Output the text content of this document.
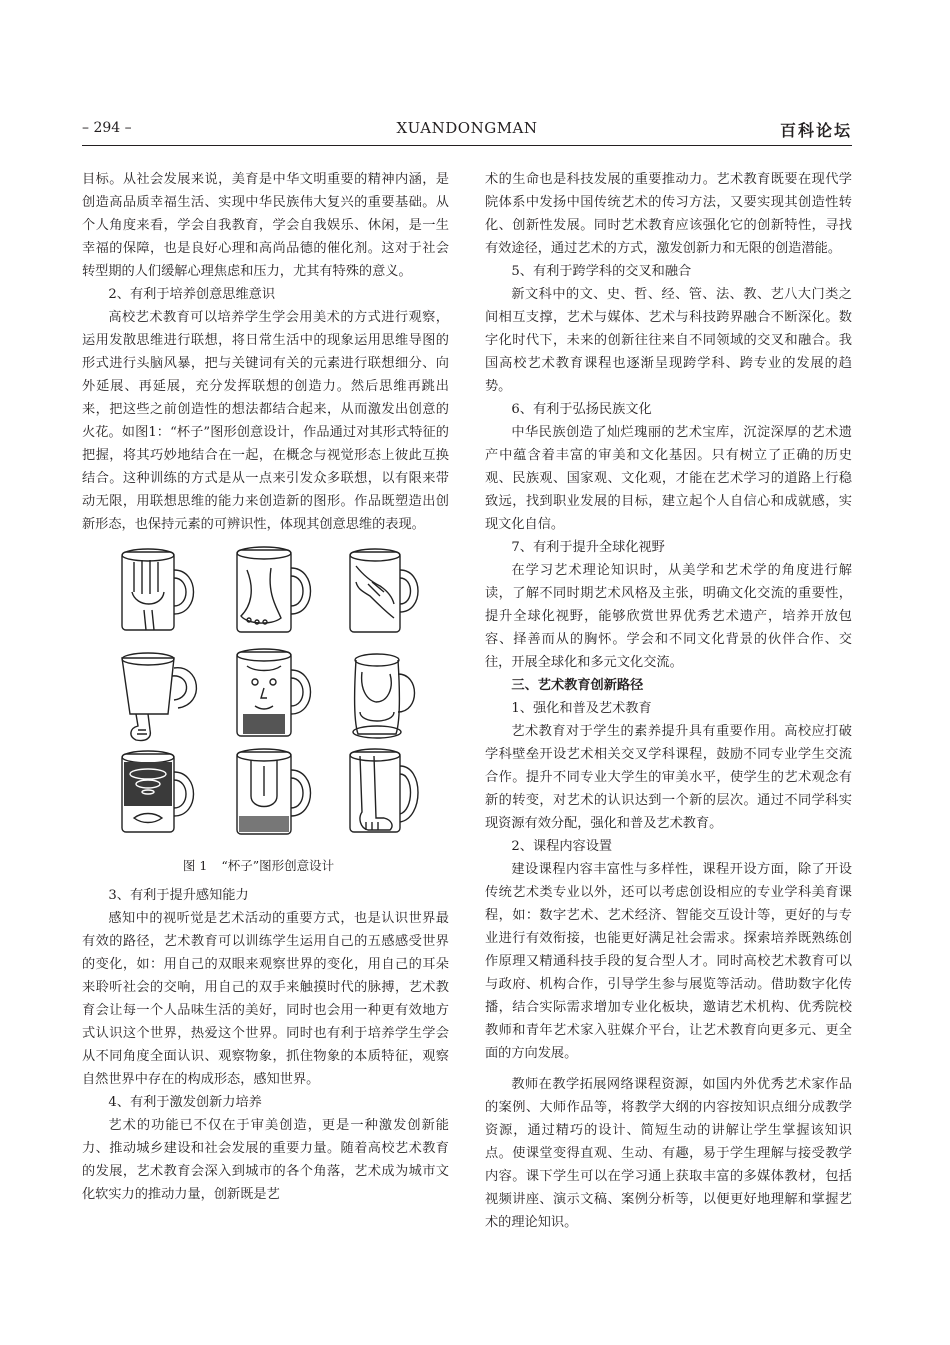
– 294 –	XUANDONGMAN	百科论坛

目标。从社会发展来说，美育是中华文明重要的精神内涵，是创造高品质幸福生活、实现中华民族伟大复兴的重要基础。从个人角度来看，学会自我教育，学会自我娱乐、休闲，是一生幸福的保障，也是良好心理和高尚品德的催化剂。这对于社会转型期的人们缓解心理焦虑和压力，尤其有特殊的意义。

2、有利于培养创意思维意识

高校艺术教育可以培养学生学会用美术的方式进行观察，运用发散思维进行联想，将日常生活中的现象运用思维导图的形式进行头脑风暴，把与关键词有关的元素进行联想细分、向外延展、再延展，充分发挥联想的创造力。然后思维再跳出来，把这些之前创造性的想法都结合起来，从而激发出创意的火花。如图1：“杯子”图形创意设计，作品通过对其形式特征的把握，将其巧妙地结合在一起，在概念与视觉形态上彼此互换结合。这种训练的方式是从一点来引发众多联想，以有限来带动无限，用联想思维的能力来创造新的图形。作品既塑造出创新形态，也保持元素的可辨识性，体现其创意思维的表现。

图 1 “杯子”图形创意设计

3、有利于提升感知能力

感知中的视听觉是艺术活动的重要方式，也是认识世界最有效的路径，艺术教育可以训练学生运用自己的五感感受世界的变化，如：用自己的双眼来观察世界的变化，用自己的耳朵来聆听社会的交响，用自己的双手来触摸时代的脉搏，艺术教育会让每一个人品味生活的美好，同时也会用一种更有效地方式认识这个世界，热爱这个世界。同时也有利于培养学生学会从不同角度全面认识、观察物象，抓住物象的本质特征，观察自然世界中存在的构成形态，感知世界。

4、有利于激发创新力培养

艺术的功能已不仅在于审美创造，更是一种激发创新能力、推动城乡建设和社会发展的重要力量。随着高校艺术教育的发展，艺术教育会深入到城市的各个角落，艺术成为城市文化软实力的推动力量，创新既是艺

术的生命也是科技发展的重要推动力。艺术教育既要在现代学院体系中发扬中国传统艺术的传习方法，又要实现其创造性转化、创新性发展。同时艺术教育应该强化它的创新特性，寻找有效途径，通过艺术的方式，激发创新力和无限的创造潜能。

5、有利于跨学科的交叉和融合

新文科中的文、史、哲、经、管、法、教、艺八大门类之间相互支撑，艺术与媒体、艺术与科技跨界融合不断深化。数字化时代下，未来的创新往往来自不同领域的交叉和融合。我国高校艺术教育课程也逐渐呈现跨学科、跨专业的发展的趋势。

6、有利于弘扬民族文化

中华民族创造了灿烂瑰丽的艺术宝库，沉淀深厚的艺术遗产中蕴含着丰富的审美和文化基因。只有树立了正确的历史观、民族观、国家观、文化观，才能在艺术学习的道路上行稳致远，找到职业发展的目标，建立起个人自信心和成就感，实现文化自信。

7、有利于提升全球化视野

在学习艺术理论知识时，从美学和艺术学的角度进行解读，了解不同时期艺术风格及主张，明确文化交流的重要性，提升全球化视野，能够欣赏世界优秀艺术遗产，培养开放包容、择善而从的胸怀。学会和不同文化背景的伙伴合作、交往，开展全球化和多元文化交流。

三、艺术教育创新路径

1、强化和普及艺术教育

艺术教育对于学生的素养提升具有重要作用。高校应打破学科壁垒开设艺术相关交叉学科课程，鼓励不同专业学生交流合作。提升不同专业大学生的审美水平，使学生的艺术观念有新的转变，对艺术的认识达到一个新的层次。通过不同学科实现资源有效分配，强化和普及艺术教育。

2、课程内容设置

建设课程内容丰富性与多样性，课程开设方面，除了开设传统艺术类专业以外，还可以考虑创设相应的专业学科美育课程，如：数字艺术、艺术经济、智能交互设计等，更好的与专业进行有效衔接，也能更好满足社会需求。探索培养既熟练创作原理又精通科技手段的复合型人才。同时高校艺术教育可以与政府、机构合作，引导学生参与展览等活动。借助数字化传播，结合实际需求增加专业化板块，邀请艺术机构、优秀院校教师和青年艺术家入驻媒介平台，让艺术教育向更多元、更全面的方向发展。

教师在教学拓展网络课程资源，如国内外优秀艺术家作品的案例、大师作品等，将教学大纲的内容按知识点细分成教学资源，通过精巧的设计、简短生动的讲解让学生掌握该知识点。使课堂变得直观、生动、有趣，易于学生理解与接受教学内容。课下学生可以在学习通上获取丰富的多媒体教材，包括视频讲座、演示文稿、案例分析等，以便更好地理解和掌握艺术的理论知识。
